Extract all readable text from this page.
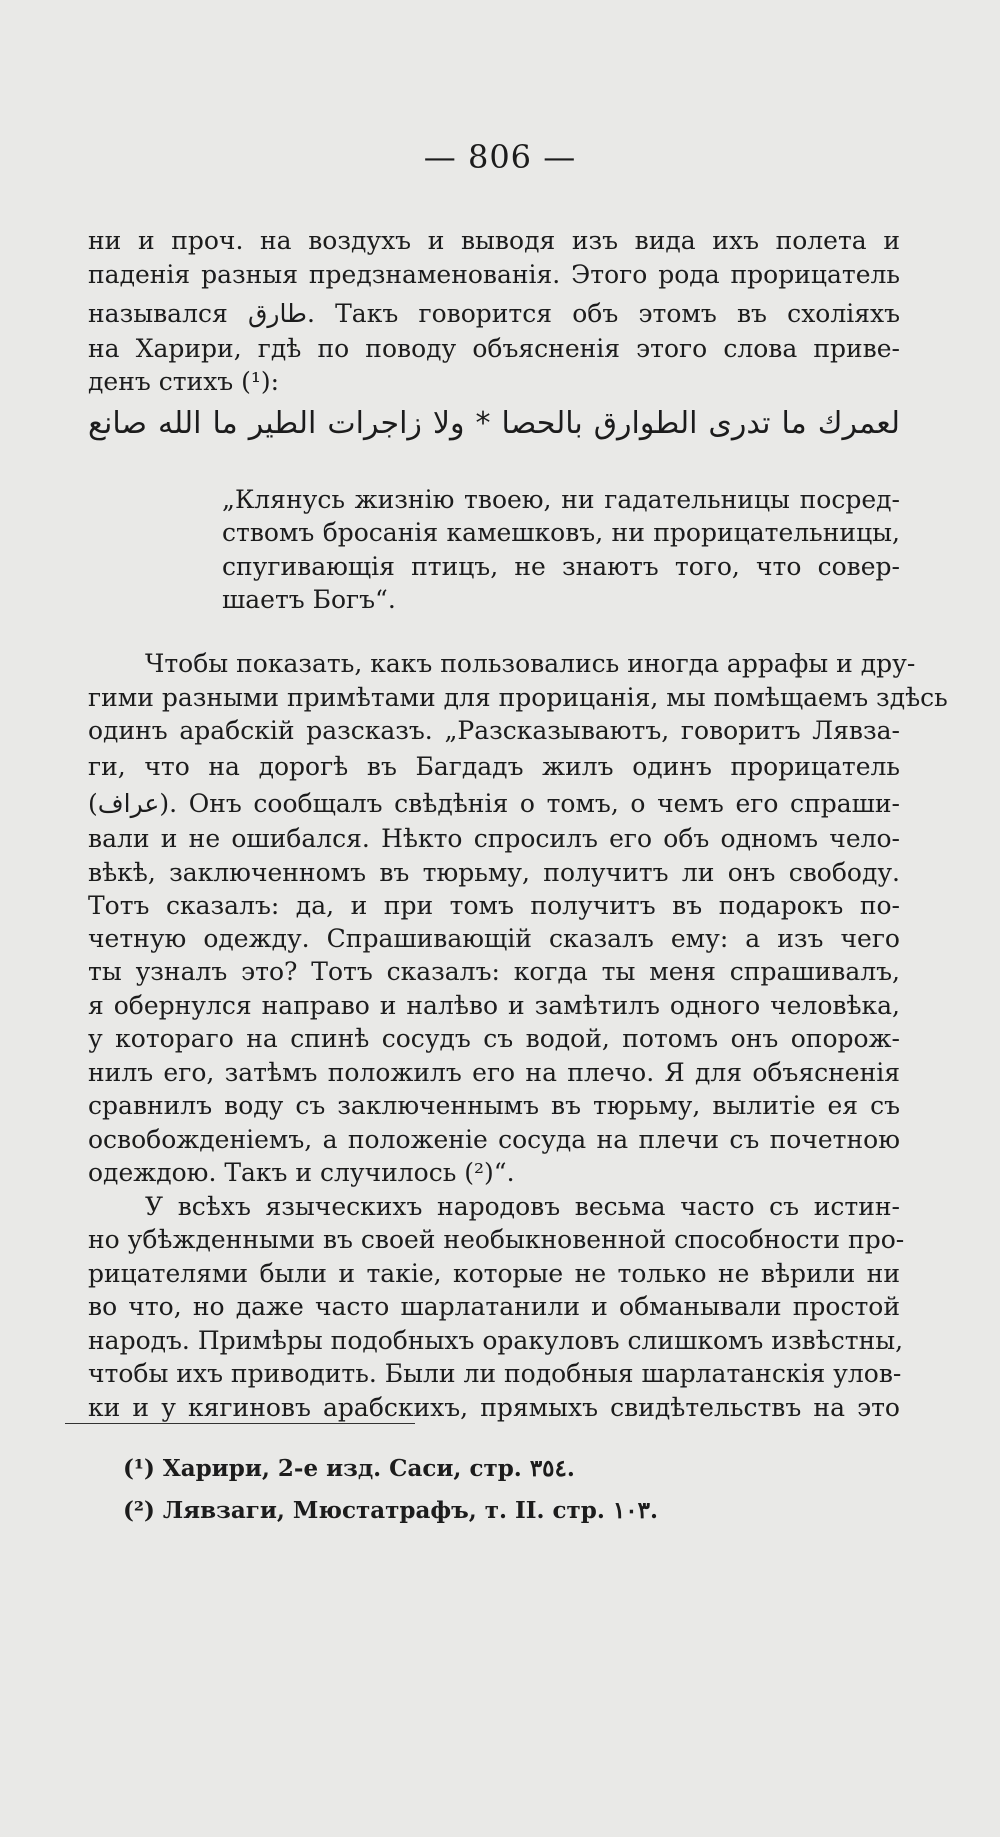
— 806 —
ни и проч. на воздухъ и выводя изъ вида ихъ полета и
паденія разныя предзнаменованія. Этого рода прорицатель
назывался طارق. Такъ говорится объ этомъ въ схоліяхъ
на Харири, гдѣ по поводу объясненія этого слова приве-
денъ стихъ (¹):
لعمرك ما تدرى الطوارق بالحصا * ولا زاجرات الطير ما الله صانع
„Клянусь жизнію твоею, ни гадательницы посред-
ствомъ бросанія камешковъ, ни прорицательницы,
спугивающія птицъ, не знаютъ того, что совер-
шаетъ Богъ“.
Чтобы показать, какъ пользовались иногда аррафы и дру-
гими разными примѣтами для прорицанія, мы помѣщаемъ здѣсь
одинъ арабскій разсказъ. „Разсказываютъ, говоритъ Лявза-
ги, что на дорогѣ въ Багдадъ жилъ одинъ прорицатель
(عراف). Онъ сообщалъ свѣдѣнія о томъ, о чемъ его спраши-
вали и не ошибался. Нѣкто спросилъ его объ одномъ чело-
вѣкѣ, заключенномъ въ тюрьму, получитъ ли онъ свободу.
Тотъ сказалъ: да, и при томъ получитъ въ подарокъ по-
четную одежду. Спрашивающій сказалъ ему: а изъ чего
ты узналъ это? Тотъ сказалъ: когда ты меня спрашивалъ,
я обернулся направо и налѣво и замѣтилъ одного человѣка,
у котораго на спинѣ сосудъ съ водой, потомъ онъ опорож-
нилъ его, затѣмъ положилъ его на плечо. Я для объясненія
сравнилъ воду съ заключеннымъ въ тюрьму, вылитіе ея съ
освобожденіемъ, а положеніе сосуда на плечи съ почетною
одеждою. Такъ и случилось (²)“.
У всѣхъ языческихъ народовъ весьма часто съ истин-
но убѣжденными въ своей необыкновенной способности про-
рицателями были и такіе, которые не только не вѣрили ни
во что, но даже часто шарлатанили и обманывали простой
народъ. Примѣры подобныхъ оракуловъ слишкомъ извѣстны,
чтобы ихъ приводить. Были ли подобныя шарлатанскія улов-
ки и у кягиновъ арабскихъ, прямыхъ свидѣтельствъ на это
(¹) Харири, 2-е изд. Саси, стр. ٣٥٤.
(²) Лявзаги, Мюстатрафъ, т. II. стр. ١٠٣.
